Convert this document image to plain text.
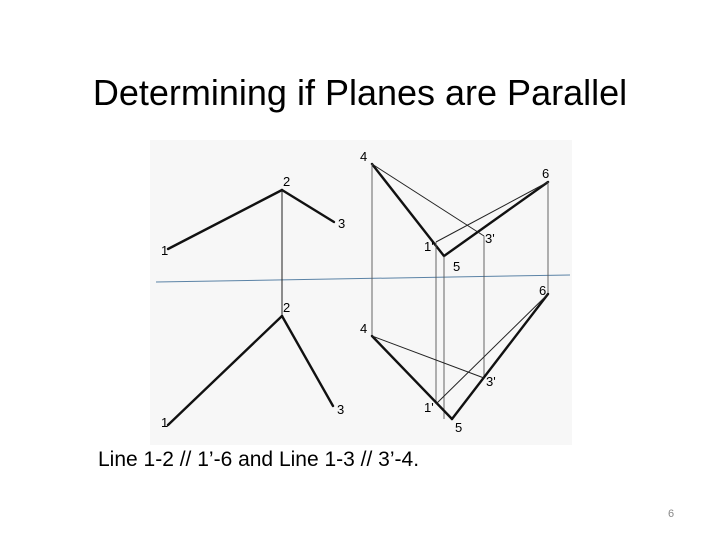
Determining if Planes are Parallel
1
2
3
1
2
3
4
5
6
1'
3'
4
5
6
1'
3'
Line 1-2 // 1’-6 and Line 1-3 // 3’-4.
6
